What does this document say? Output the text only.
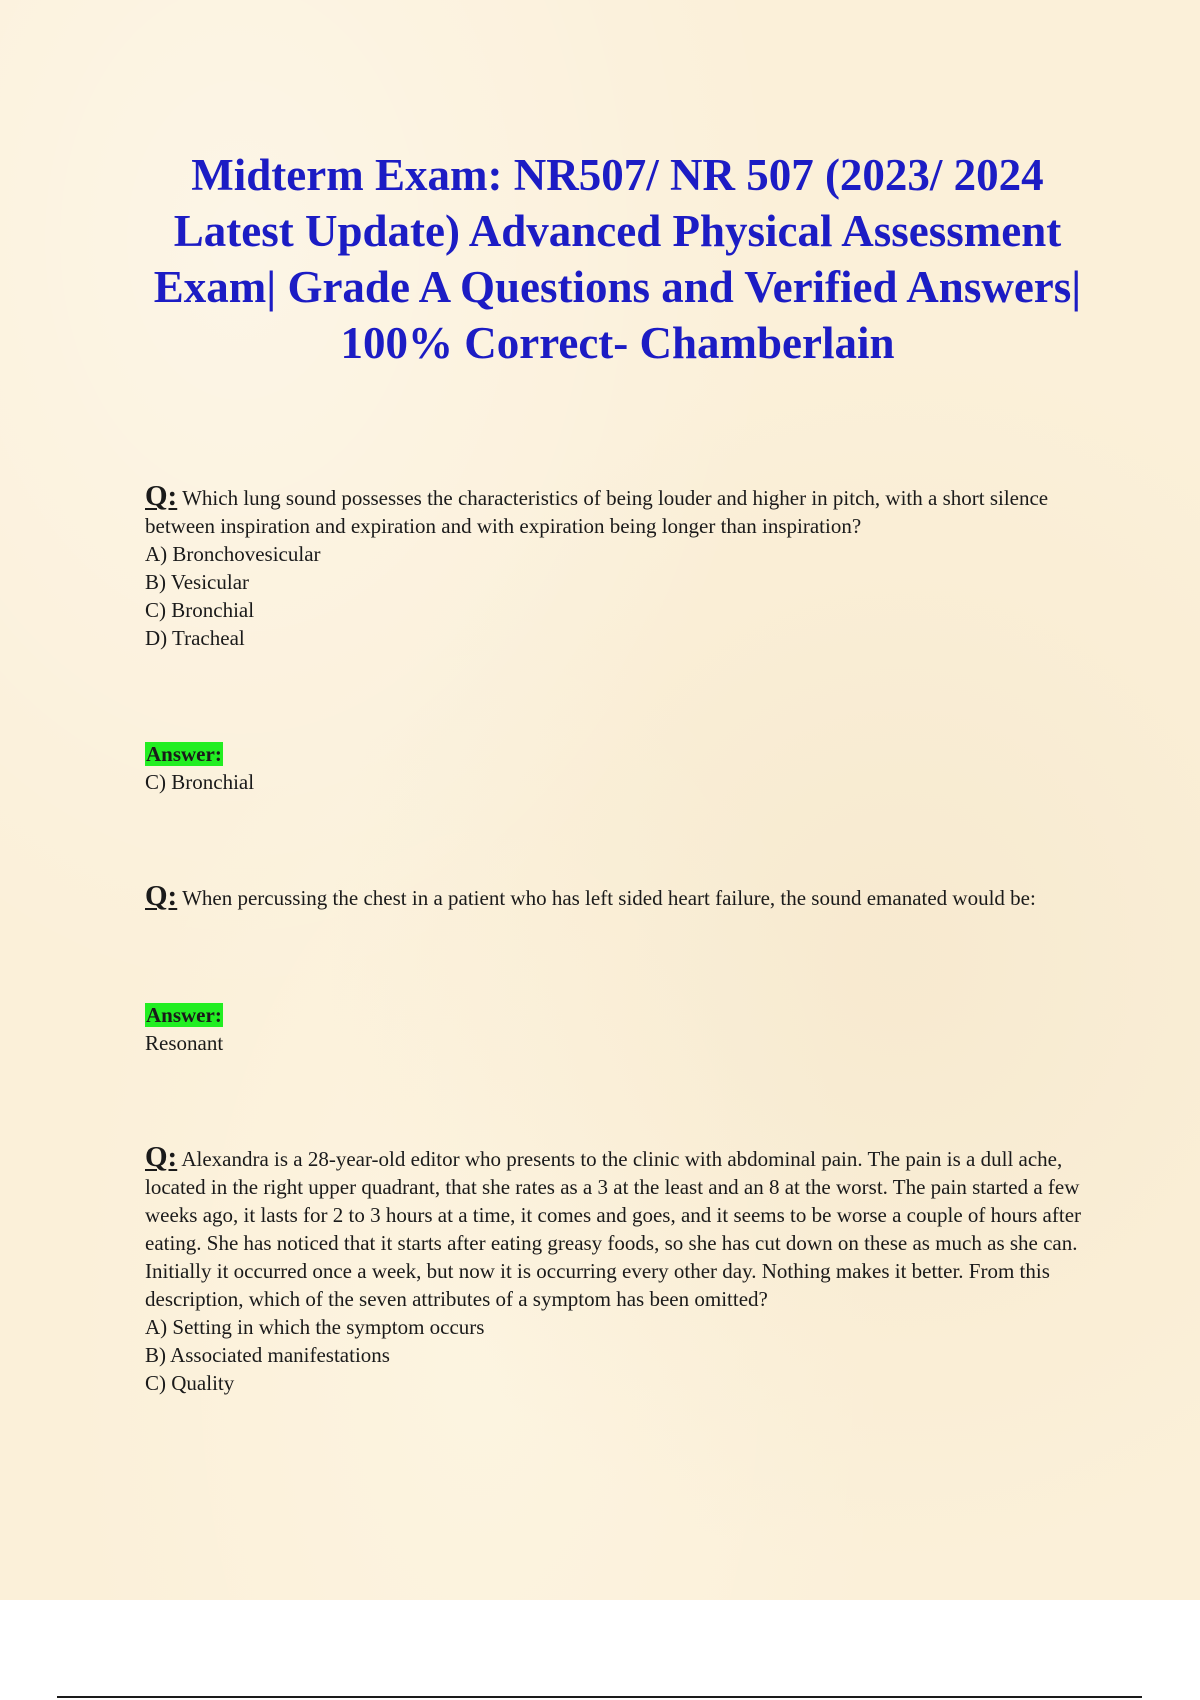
Midterm Exam: NR507/ NR 507 (2023/ 2024 Latest Update) Advanced Physical Assessment Exam| Grade A Questions and Verified Answers| 100% Correct- Chamberlain

Q: Which lung sound possesses the characteristics of being louder and higher in pitch, with a short silence between inspiration and expiration and with expiration being longer than inspiration?

A) Bronchovesicular

B) Vesicular

C) Bronchial

D) Tracheal

Answer:

C) Bronchial

Q: When percussing the chest in a patient who has left sided heart failure, the sound emanated would be:

Answer:

Resonant

Q: Alexandra is a 28-year-old editor who presents to the clinic with abdominal pain. The pain is a dull ache, located in the right upper quadrant, that she rates as a 3 at the least and an 8 at the worst. The pain started a few weeks ago, it lasts for 2 to 3 hours at a time, it comes and goes, and it seems to be worse a couple of hours after eating. She has noticed that it starts after eating greasy foods, so she has cut down on these as much as she can. Initially it occurred once a week, but now it is occurring every other day. Nothing makes it better. From this description, which of the seven attributes of a symptom has been omitted?

A) Setting in which the symptom occurs

B) Associated manifestations

C) Quality
